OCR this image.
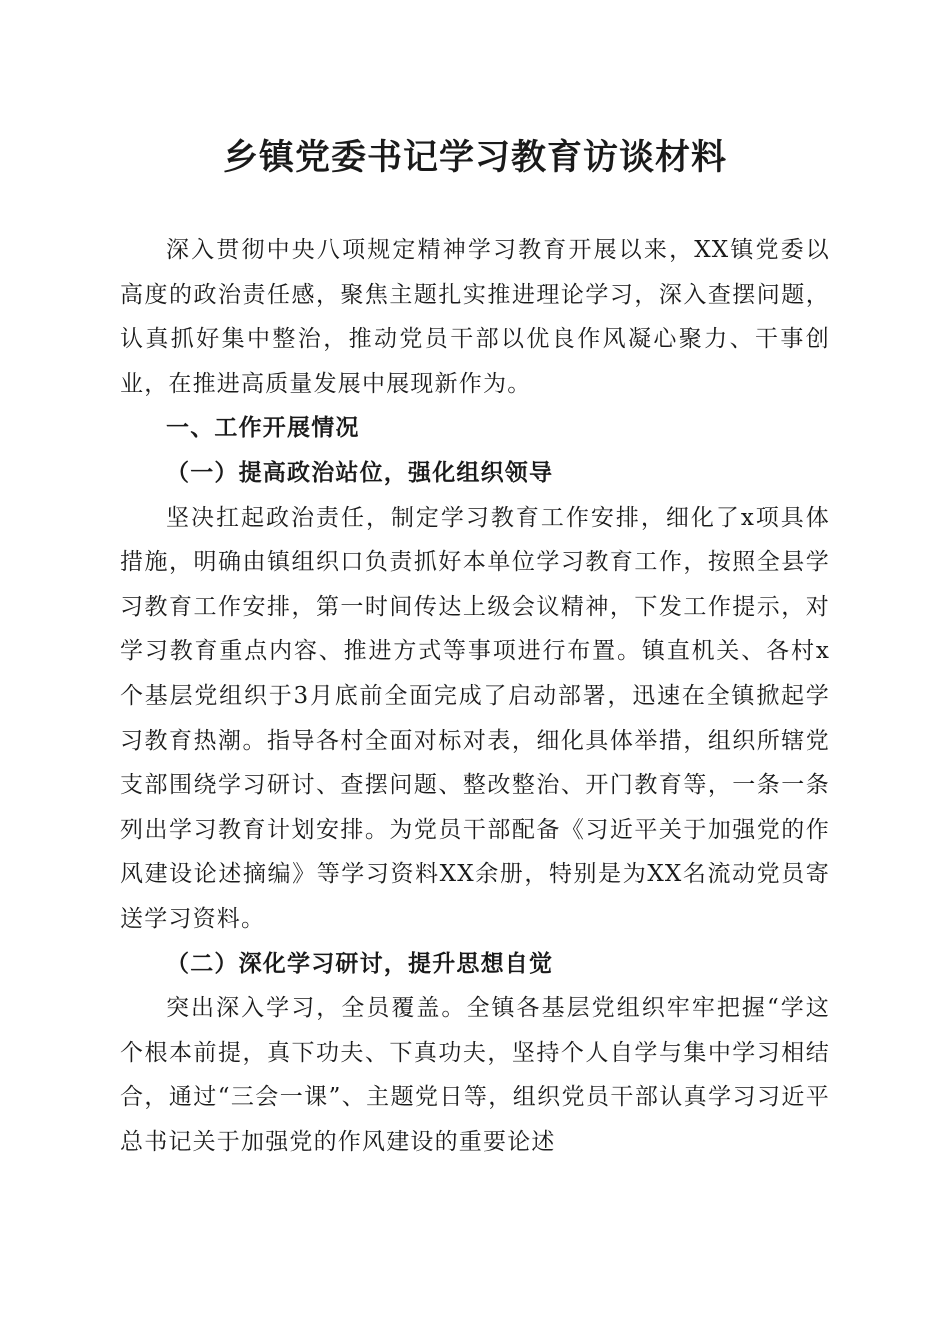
乡镇党委书记学习教育访谈材料

深入贯彻中央八项规定精神学习教育开展以来，XX镇党委以高度的政治责任感，聚焦主题扎实推进理论学习，深入查摆问题，认真抓好集中整治，推动党员干部以优良作风凝心聚力、干事创业，在推进高质量发展中展现新作为。

一、工作开展情况

（一）提高政治站位，强化组织领导

坚决扛起政治责任，制定学习教育工作安排，细化了x项具体措施，明确由镇组织口负责抓好本单位学习教育工作，按照全县学习教育工作安排，第一时间传达上级会议精神，下发工作提示，对学习教育重点内容、推进方式等事项进行布置。镇直机关、各村x个基层党组织于3月底前全面完成了启动部署，迅速在全镇掀起学习教育热潮。指导各村全面对标对表，细化具体举措，组织所辖党支部围绕学习研讨、查摆问题、整改整治、开门教育等，一条一条列出学习教育计划安排。为党员干部配备《习近平关于加强党的作风建设论述摘编》等学习资料XX余册，特别是为XX名流动党员寄送学习资料。

（二）深化学习研讨，提升思想自觉

突出深入学习，全员覆盖。全镇各基层党组织牢牢把握“学这个根本前提，真下功夫、下真功夫，坚持个人自学与集中学习相结合，通过“三会一课”、主题党日等，组织党员干部认真学习习近平总书记关于加强党的作风建设的重要论述
